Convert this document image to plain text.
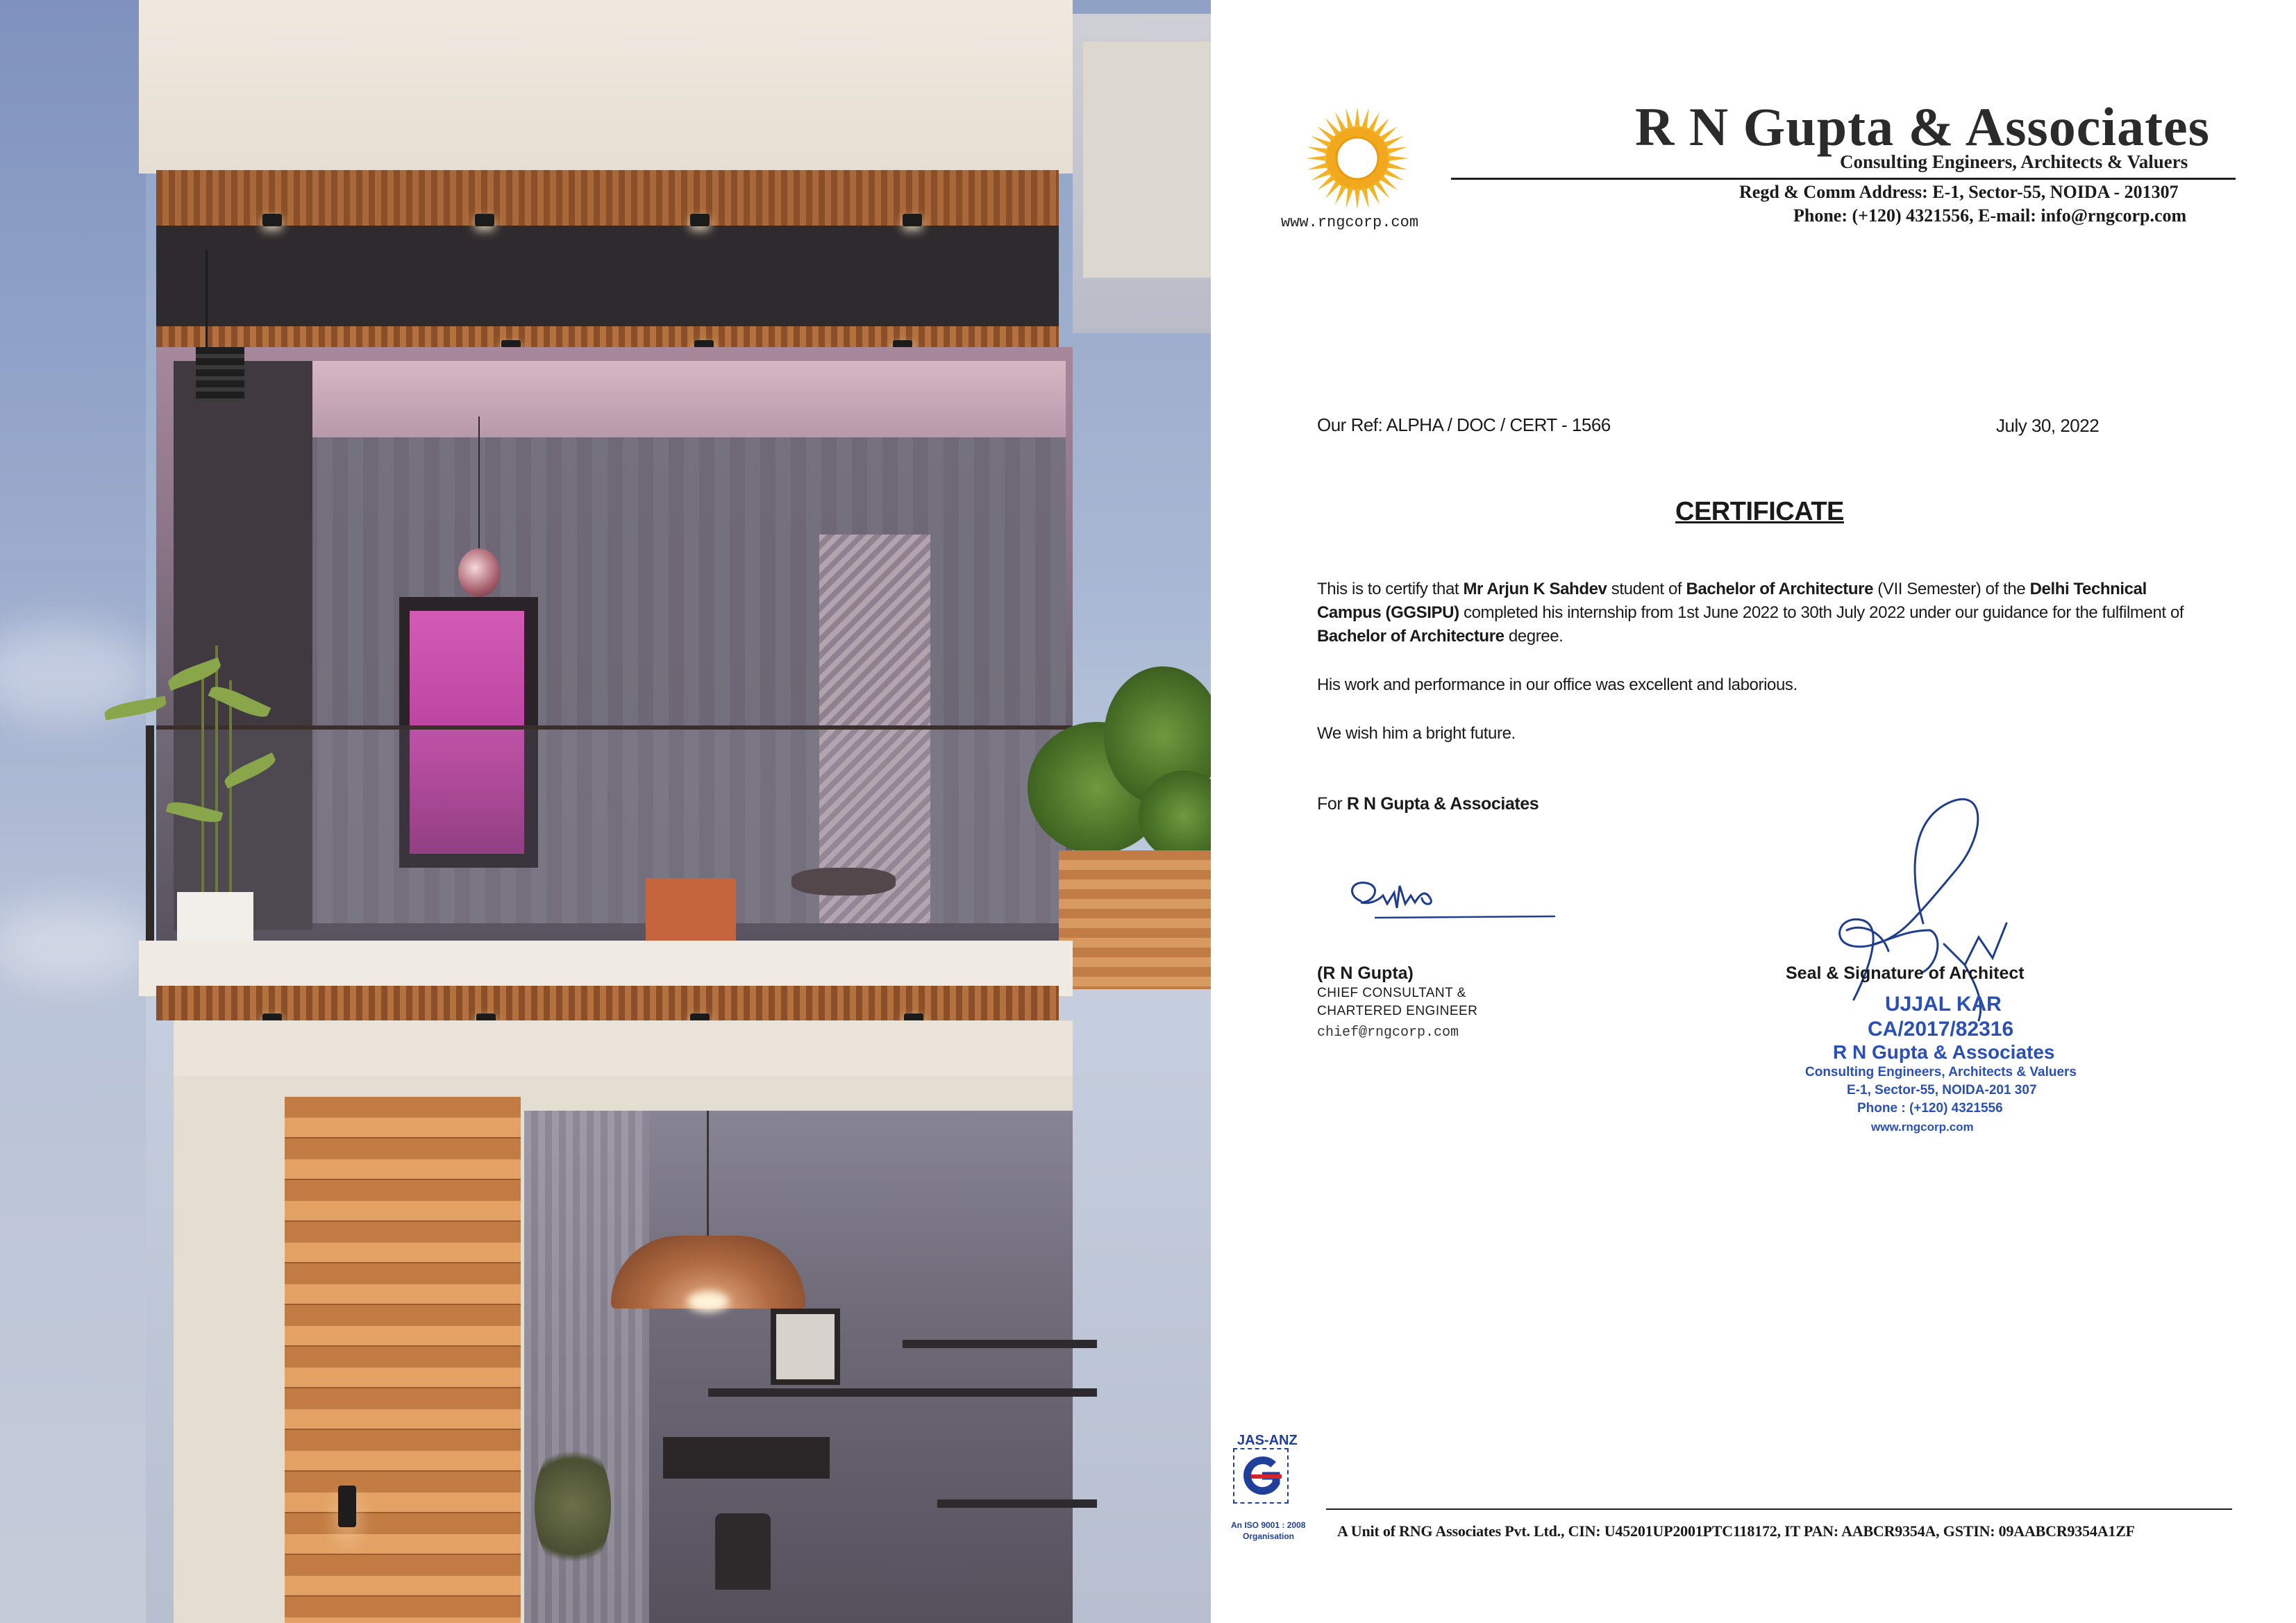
www.rngcorp.com
R N Gupta & Associates
Consulting Engineers, Architects & Valuers
Regd & Comm Address: E-1, Sector-55, NOIDA - 201307
Phone: (+120) 4321556, E-mail: info@rngcorp.com
Our Ref: ALPHA / DOC / CERT - 1566	July 30, 2022
CERTIFICATE
This is to certify that Mr Arjun K Sahdev student of Bachelor of Architecture (VII Semester) of the Delhi Technical Campus (GGSIPU) completed his internship from 1st June 2022 to 30th July 2022 under our guidance for the fulfilment of Bachelor of Architecture degree.
His work and performance in our office was excellent and laborious.
We wish him a bright future.
For R N Gupta & Associates
(R N Gupta)
CHIEF CONSULTANT &
CHARTERED ENGINEER
chief@rngcorp.com
Seal & Signature of Architect
UJJAL KAR
CA/2017/82316
R N Gupta & Associates
Consulting Engineers, Architects & Valuers
E-1, Sector-55, NOIDA-201 307
Phone : (+120) 4321556
www.rngcorp.com
JAS-ANZ
An ISO 9001 : 2008
Organisation	A Unit of RNG Associates Pvt. Ltd., CIN: U45201UP2001PTC118172, IT PAN: AABCR9354A, GSTIN: 09AABCR9354A1ZF
